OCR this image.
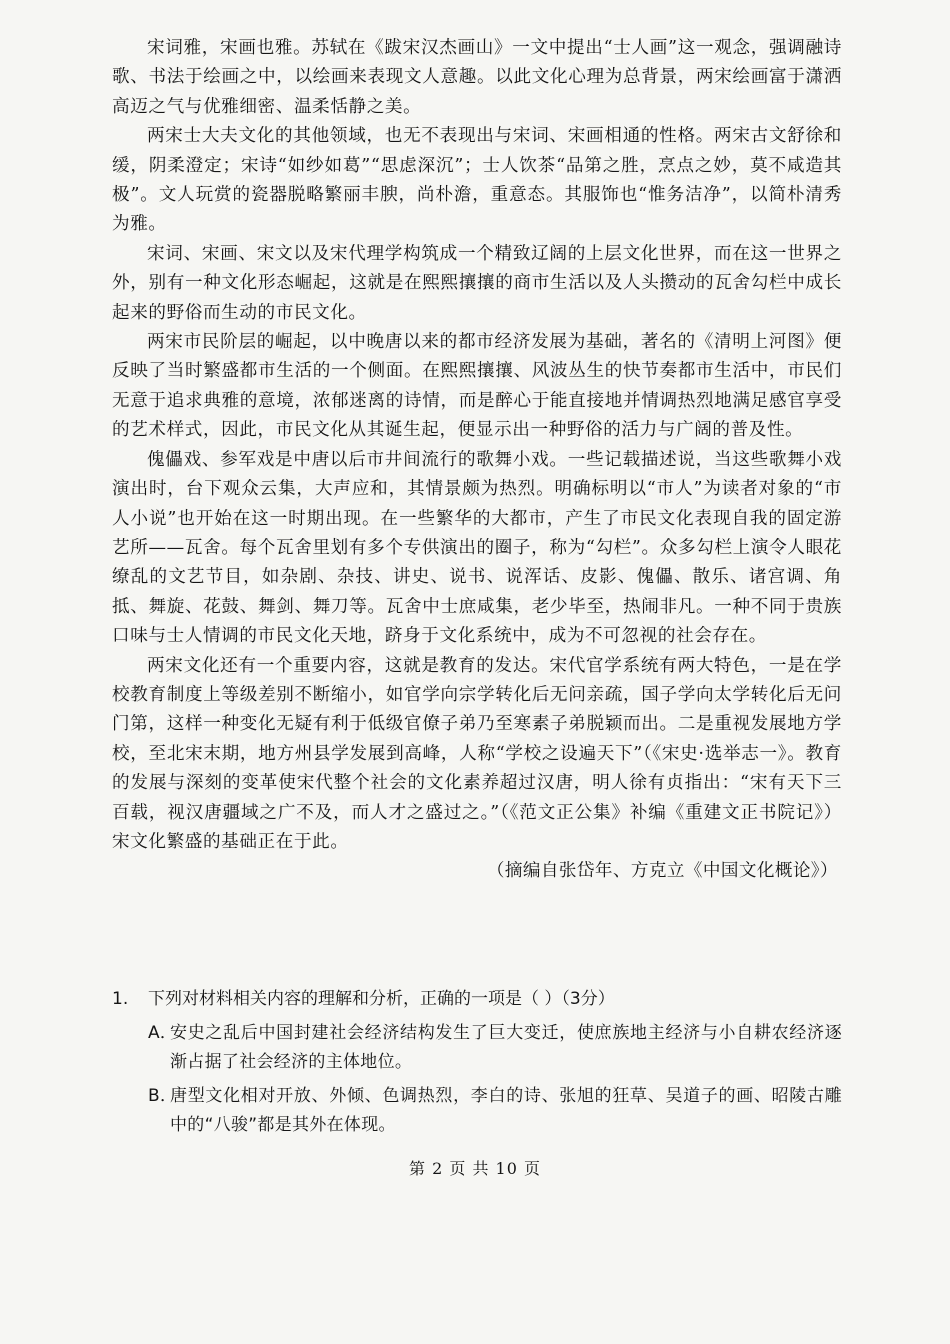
宋词雅，宋画也雅。苏轼在《跋宋汉杰画山》一文中提出“士人画”这一观念，强调融诗歌、书法于绘画之中，以绘画来表现文人意趣。以此文化心理为总背景，两宋绘画富于潇洒高迈之气与优雅细密、温柔恬静之美。

两宋士大夫文化的其他领域，也无不表现出与宋词、宋画相通的性格。两宋古文舒徐和缓，阴柔澄定；宋诗“如纱如葛”“思虑深沉”；士人饮茶“品第之胜，烹点之妙，莫不咸造其极”。文人玩赏的瓷器脱略繁丽丰腴，尚朴澹，重意态。其服饰也“惟务洁净”，以简朴清秀为雅。

宋词、宋画、宋文以及宋代理学构筑成一个精致辽阔的上层文化世界，而在这一世界之外，别有一种文化形态崛起，这就是在熙熙攘攘的商市生活以及人头攒动的瓦舍勾栏中成长起来的野俗而生动的市民文化。

两宋市民阶层的崛起，以中晚唐以来的都市经济发展为基础，著名的《清明上河图》便反映了当时繁盛都市生活的一个侧面。在熙熙攘攘、风波丛生的快节奏都市生活中，市民们无意于追求典雅的意境，浓郁迷离的诗情，而是醉心于能直接地并情调热烈地满足感官享受的艺术样式，因此，市民文化从其诞生起，便显示出一种野俗的活力与广阔的普及性。

傀儡戏、参军戏是中唐以后市井间流行的歌舞小戏。一些记载描述说，当这些歌舞小戏演出时，台下观众云集，大声应和，其情景颇为热烈。明确标明以“市人”为读者对象的“市人小说”也开始在这一时期出现。在一些繁华的大都市，产生了市民文化表现自我的固定游艺所——瓦舍。每个瓦舍里划有多个专供演出的圈子，称为“勾栏”。众多勾栏上演令人眼花缭乱的文艺节目，如杂剧、杂技、讲史、说书、说浑话、皮影、傀儡、散乐、诸宫调、角抵、舞旋、花鼓、舞剑、舞刀等。瓦舍中士庶咸集，老少毕至，热闹非凡。一种不同于贵族口味与士人情调的市民文化天地，跻身于文化系统中，成为不可忽视的社会存在。

两宋文化还有一个重要内容，这就是教育的发达。宋代官学系统有两大特色，一是在学校教育制度上等级差别不断缩小，如官学向宗学转化后无问亲疏，国子学向太学转化后无问门第，这样一种变化无疑有利于低级官僚子弟乃至寒素子弟脱颖而出。二是重视发展地方学校，至北宋末期，地方州县学发展到高峰，人称“学校之设遍天下”（《宋史·选举志一》。教育的发展与深刻的变革使宋代整个社会的文化素养超过汉唐，明人徐有贞指出：“宋有天下三百载，视汉唐疆域之广不及，而人才之盛过之。”（《范文正公集》补编《重建文正书院记》）宋文化繁盛的基础正在于此。

（摘编自张岱年、方克立《中国文化概论》）

1. 下列对材料相关内容的理解和分析，正确的一项是（ ）（3分）

A．
安史之乱后中国封建社会经济结构发生了巨大变迁，使庶族地主经济与小自耕农经济逐渐占据了社会经济的主体地位。

B．
唐型文化相对开放、外倾、色调热烈，李白的诗、张旭的狂草、吴道子的画、昭陵古雕中的“八骏”都是其外在体现。

第 2 页 共 10 页
